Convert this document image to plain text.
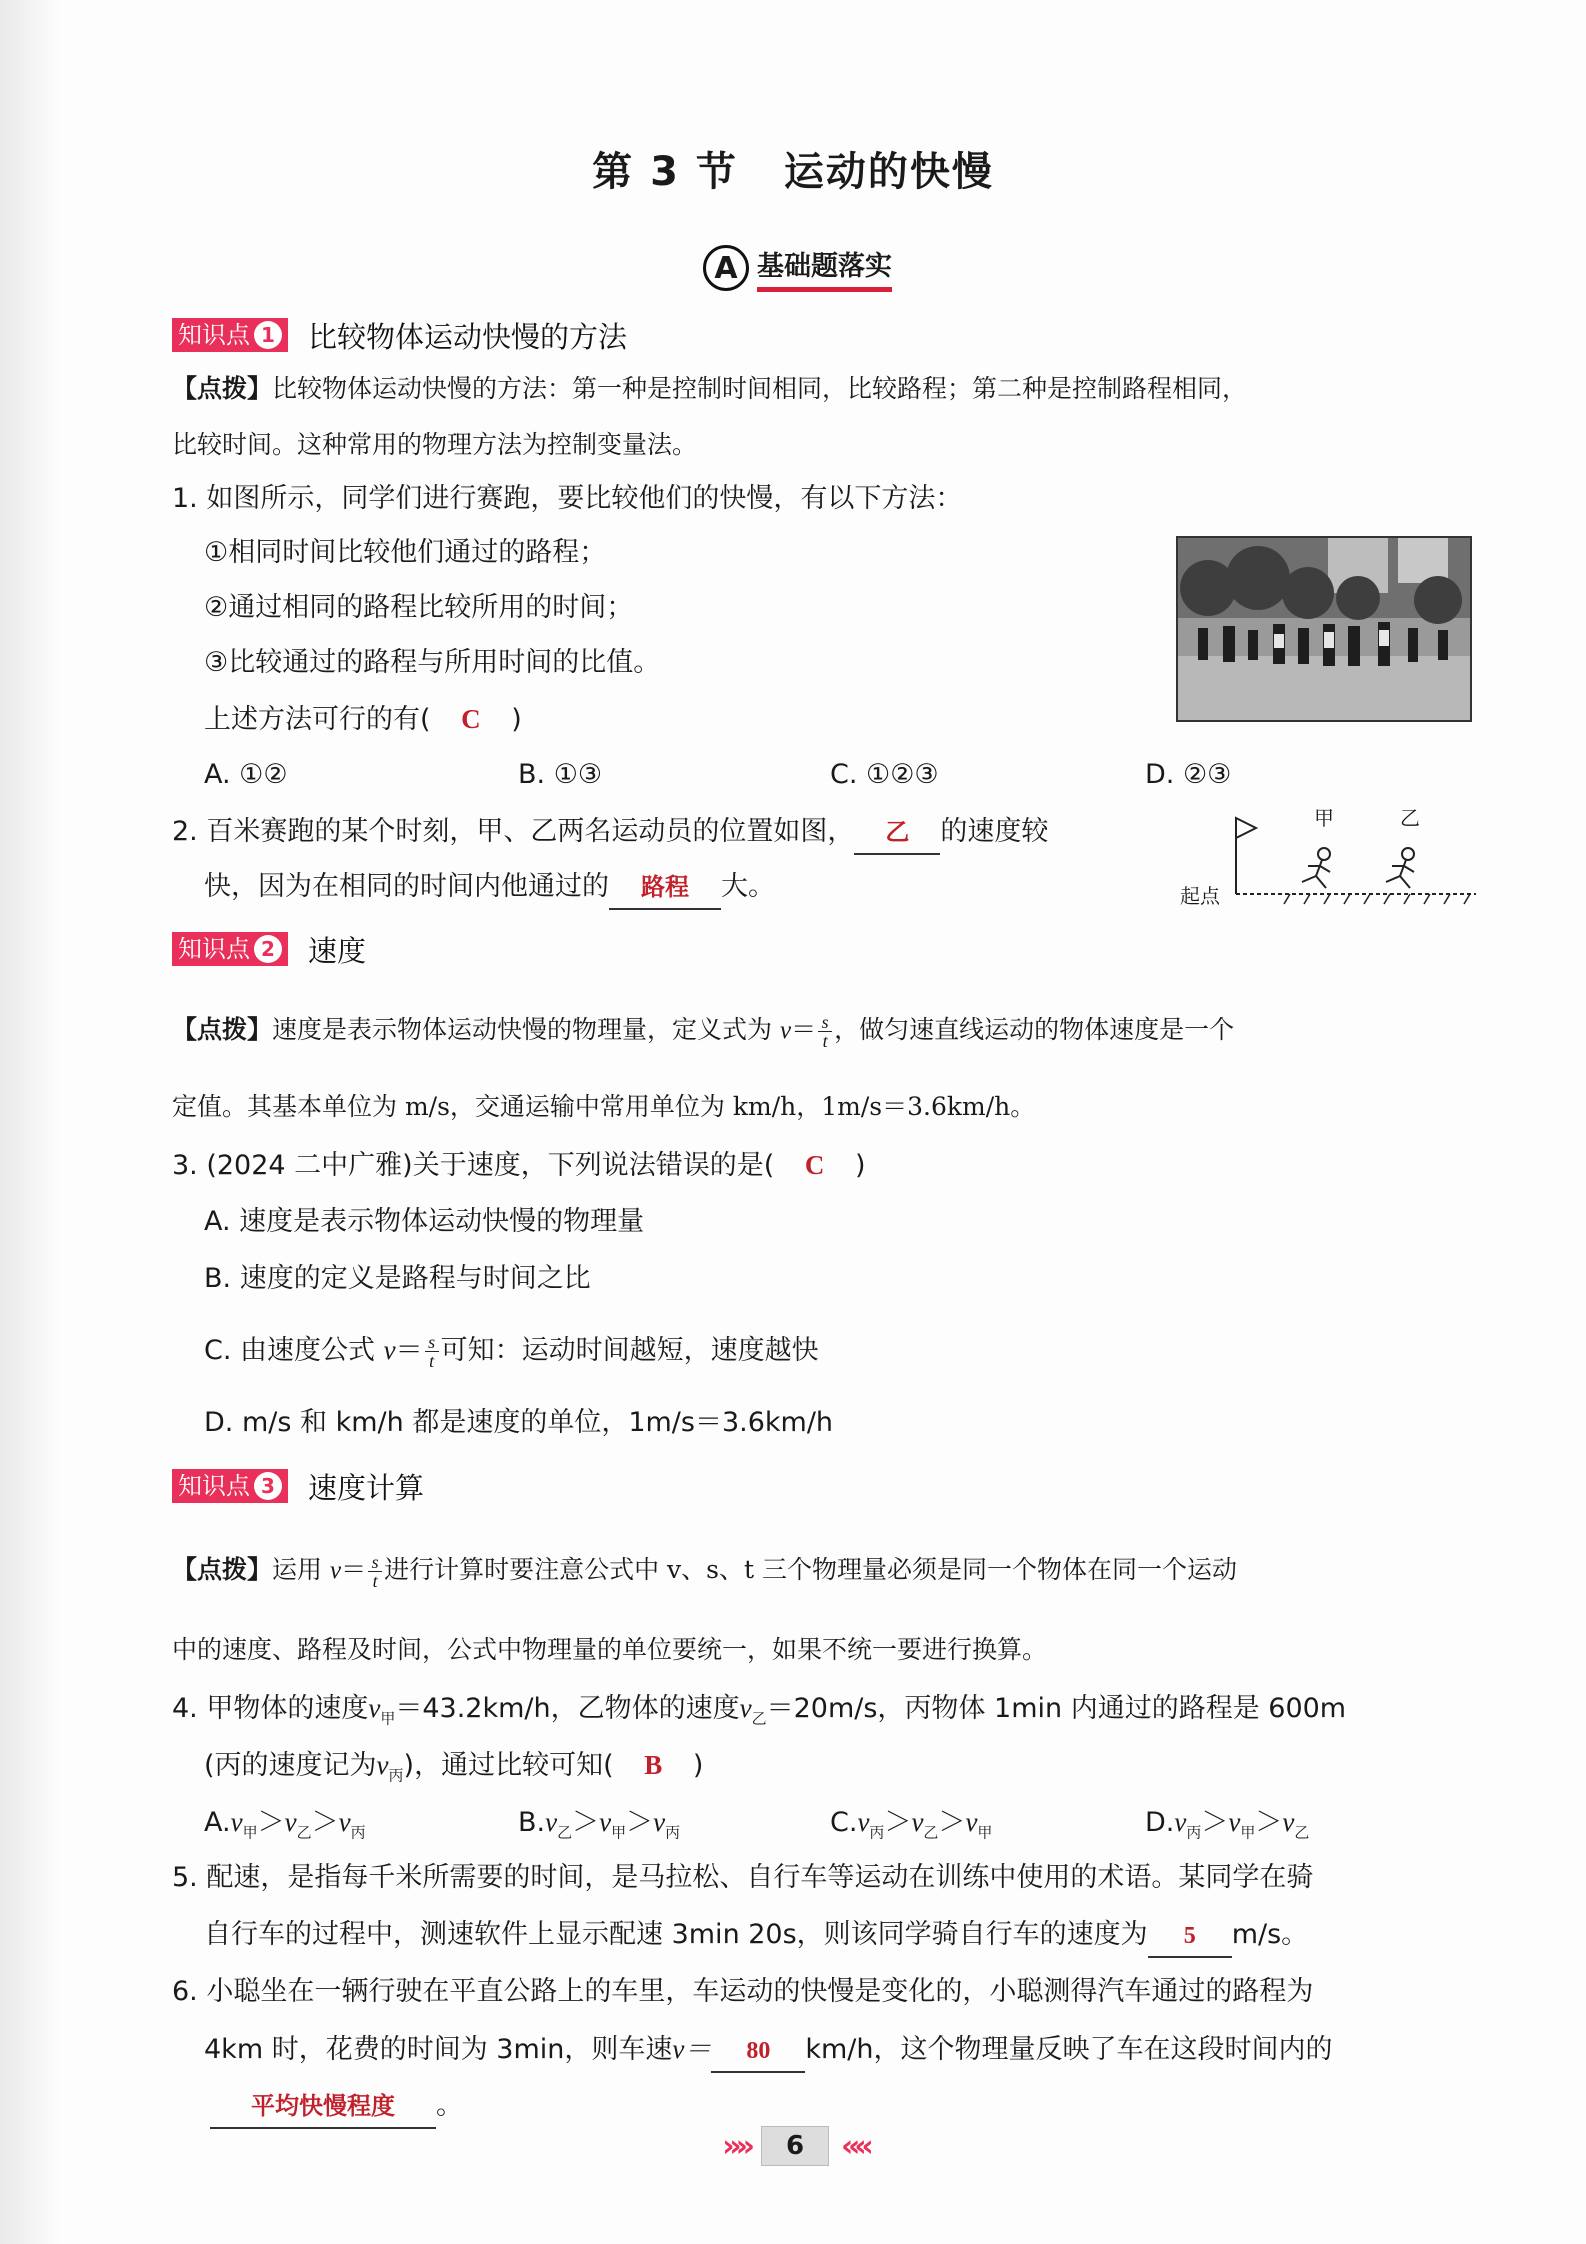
第 3 节 运动的快慢
A 基础题落实
知识点 1 比较物体运动快慢的方法
【点拨】比较物体运动快慢的方法：第一种是控制时间相同，比较路程；第二种是控制路程相同，
比较时间。这种常用的物理方法为控制变量法。
1. 如图所示，同学们进行赛跑，要比较他们的快慢，有以下方法：
①相同时间比较他们通过的路程；
②通过相同的路程比较所用的时间；
③比较通过的路程与所用时间的比值。
上述方法可行的有( C )
A. ①②	B. ①③	C. ①②③	D. ②③
2. 百米赛跑的某个时刻，甲、乙两名运动员的位置如图， 乙 的速度较
快，因为在相同的时间内他通过的 路程 大。
甲	乙
起点
知识点 2 速度
【点拨】速度是表示物体运动快慢的物理量，定义式为 $v= \frac{s}{t}$ ，做匀速直线运动的物体速度是一个
定值。其基本单位为 m/s，交通运输中常用单位为 km/h，1m/s＝3.6km/h。
3. (2024 二中广雅)关于速度，下列说法错误的是( C )
A. 速度是表示物体运动快慢的物理量
B. 速度的定义是路程与时间之比
C. 由速度公式 $v= \frac{s}{t}$ 可知：运动时间越短，速度越快
D. m/s 和 km/h 都是速度的单位，1m/s＝3.6km/h
知识点 3 速度计算
【点拨】运用 $v= \frac{s}{t}$ 进行计算时要注意公式中 v、s、t 三个物理量必须是同一个物体在同一个运动
中的速度、路程及时间，公式中物理量的单位要统一，如果不统一要进行换算。
4. 甲物体的速度$v_甲=43.2km/h$，乙物体的速度$v_乙=20m/s$，丙物体 1min 内通过的路程是 600m
(丙的速度记为$v_丙$)，通过比较可知( B )
$A.v_甲>v_乙>v_丙$	$B.v_乙>v_甲>v_丙$	$C.v_丙>v_乙>v_甲$	$D.v_丙>v_甲>v_乙$
5. 配速，是指每千米所需要的时间，是马拉松、自行车等运动在训练中使用的术语。某同学在骑
自行车的过程中，测速软件上显示配速 3min 20s，则该同学骑自行车的速度为 5 m/s。
6. 小聪坐在一辆行驶在平直公路上的车里，车运动的快慢是变化的，小聪测得汽车通过的路程为
4km 时，花费的时间为 3min，则车速v＝ 80 km/h，这个物理量反映了车在这段时间内的
平均快慢程度 。
»»	6	««
